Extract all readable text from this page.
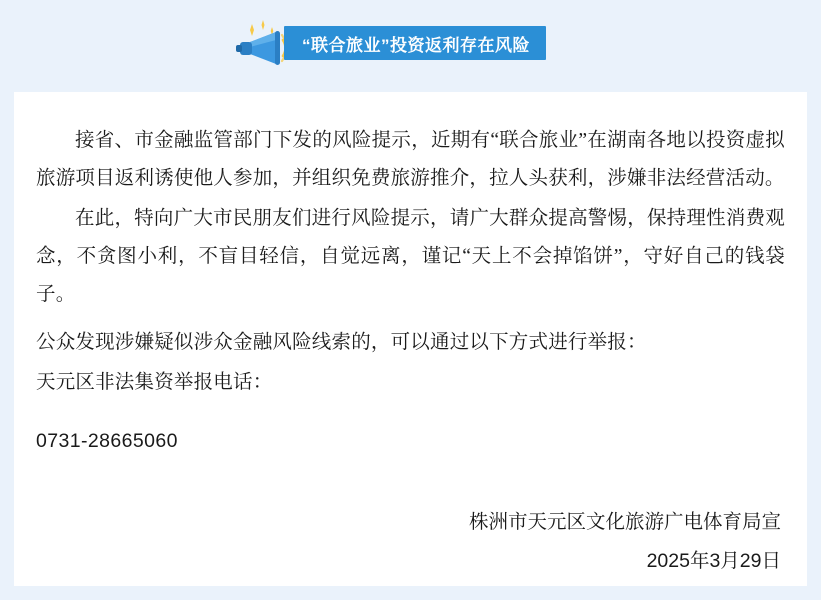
“联合旅业”投资返利存在风险

接省、市金融监管部门下发的风险提示，近期有“联合旅业”在湖南各地以投资虚拟旅游项目返利诱使他人参加，并组织免费旅游推介，拉人头获利，涉嫌非法经营活动。

在此，特向广大市民朋友们进行风险提示，请广大群众提高警惕，保持理性消费观念，不贪图小利，不盲目轻信，自觉远离，谨记“天上不会掉馅饼”，守好自己的钱袋子。

公众发现涉嫌疑似涉众金融风险线索的，可以通过以下方式进行举报：

天元区非法集资举报电话：

0731-28665060

株洲市天元区文化旅游广电体育局宣
2025年3月29日
